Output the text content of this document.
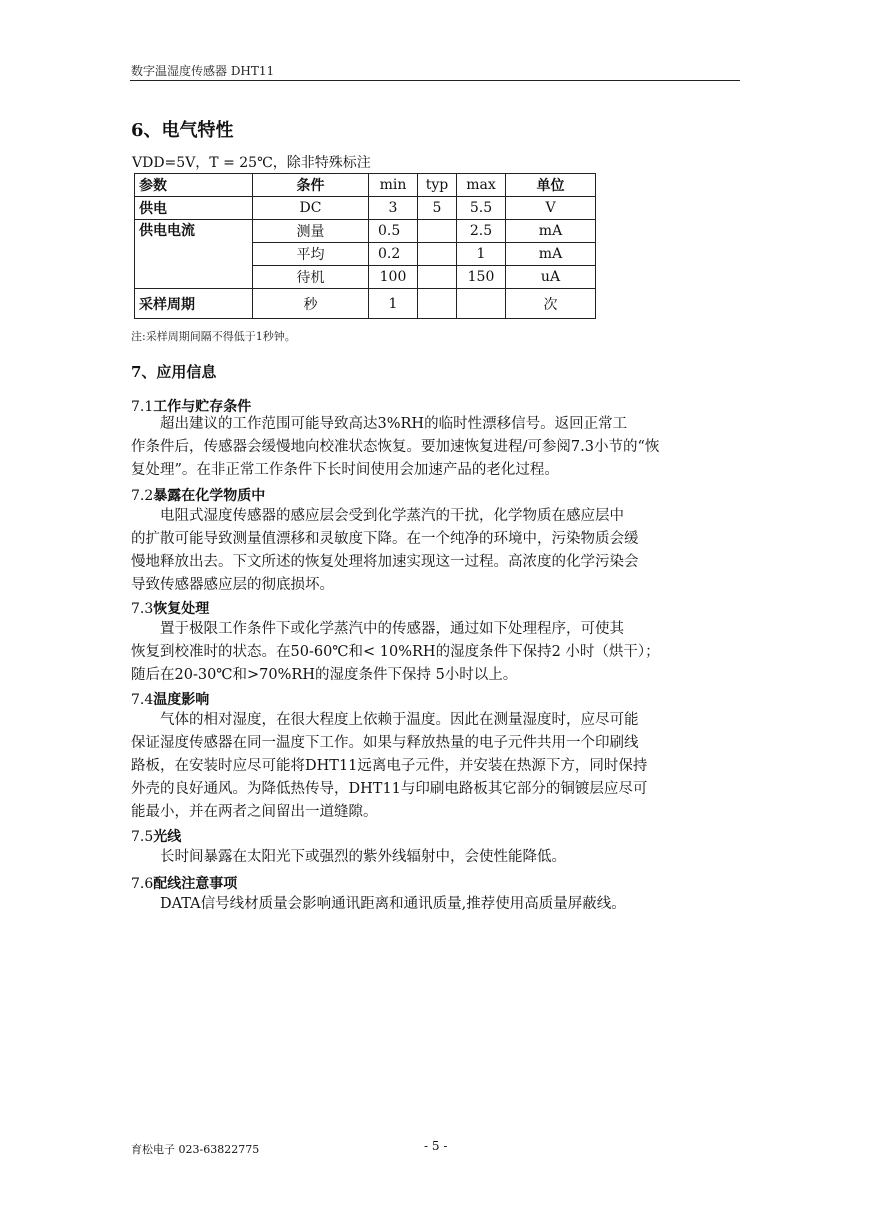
数字温湿度传感器 DHT11
6、电气特性
VDD=5V，T = 25℃，除非特殊标注
参数	条件	min	typ	max	单位
供电	DC	3	5	5.5	V
供电电流	测量	0.5		2.5	mA
	平均	0.2		1	mA
	待机	100		150	uA
采样周期	秒	1			次
注:采样周期间隔不得低于1秒钟。
7、应用信息
7.1工作与贮存条件
　　超出建议的工作范围可能导致高达3%RH的临时性漂移信号。返回正常工
作条件后，传感器会缓慢地向校准状态恢复。要加速恢复进程/可参阅7.3小节的“恢
复处理”。在非正常工作条件下长时间使用会加速产品的老化过程。
7.2暴露在化学物质中
　　电阻式湿度传感器的感应层会受到化学蒸汽的干扰，化学物质在感应层中
的扩散可能导致测量值漂移和灵敏度下降。在一个纯净的环境中，污染物质会缓
慢地释放出去。下文所述的恢复处理将加速实现这一过程。高浓度的化学污染会
导致传感器感应层的彻底损坏。
7.3恢复处理
　　置于极限工作条件下或化学蒸汽中的传感器，通过如下处理程序，可使其
恢复到校准时的状态。在50-60℃和< 10%RH的湿度条件下保持2 小时（烘干）；
随后在20-30℃和>70%RH的湿度条件下保持 5小时以上。
7.4温度影响
　　气体的相对湿度，在很大程度上依赖于温度。因此在测量湿度时，应尽可能
保证湿度传感器在同一温度下工作。如果与释放热量的电子元件共用一个印刷线
路板，在安装时应尽可能将DHT11远离电子元件，并安装在热源下方，同时保持
外壳的良好通风。为降低热传导，DHT11与印刷电路板其它部分的铜镀层应尽可
能最小，并在两者之间留出一道缝隙。
7.5光线
　　长时间暴露在太阳光下或强烈的紫外线辐射中，会使性能降低。
7.6配线注意事项
　　DATA信号线材质量会影响通讯距离和通讯质量,推荐使用高质量屏蔽线。
育松电子 023-63822775	- 5 -
